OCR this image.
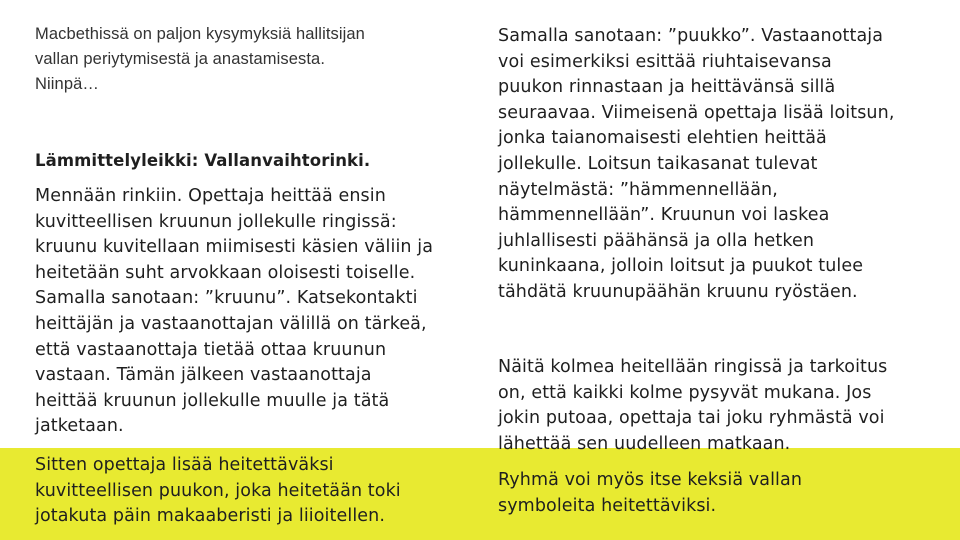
Macbethissä on paljon kysymyksiä hallitsijan
vallan periytymisestä ja anastamisesta.
Niinpä…

Lämmittelyleikki: Vallanvaihtorinki.

Mennään rinkiin. Opettaja heittää ensin
kuvitteellisen kruunun jollekulle ringissä:
kruunu kuvitellaan miimisesti käsien väliin ja
heitetään suht arvokkaan oloisesti toiselle.
Samalla sanotaan: ”kruunu”. Katsekontakti
heittäjän ja vastaanottajan välillä on tärkeä,
että vastaanottaja tietää ottaa kruunun
vastaan. Tämän jälkeen vastaanottaja
heittää kruunun jollekulle muulle ja tätä
jatketaan.

Sitten opettaja lisää heitettäväksi
kuvitteellisen puukon, joka heitetään toki
jotakuta päin makaaberisti ja liioitellen.

Samalla sanotaan: ”puukko”. Vastaanottaja
voi esimerkiksi esittää riuhtaisevansa
puukon rinnastaan ja heittävänsä sillä
seuraavaa. Viimeisenä opettaja lisää loitsun,
jonka taianomaisesti elehtien heittää
jollekulle. Loitsun taikasanat tulevat
näytelmästä: ”hämmennellään,
hämmennellään”. Kruunun voi laskea
juhlallisesti päähänsä ja olla hetken
kuninkaana, jolloin loitsut ja puukot tulee
tähdätä kruunupäähän kruunu ryöstäen.

Näitä kolmea heitellään ringissä ja tarkoitus
on, että kaikki kolme pysyvät mukana. Jos
jokin putoaa, opettaja tai joku ryhmästä voi
lähettää sen uudelleen matkaan.

Ryhmä voi myös itse keksiä vallan
symboleita heitettäviksi.
